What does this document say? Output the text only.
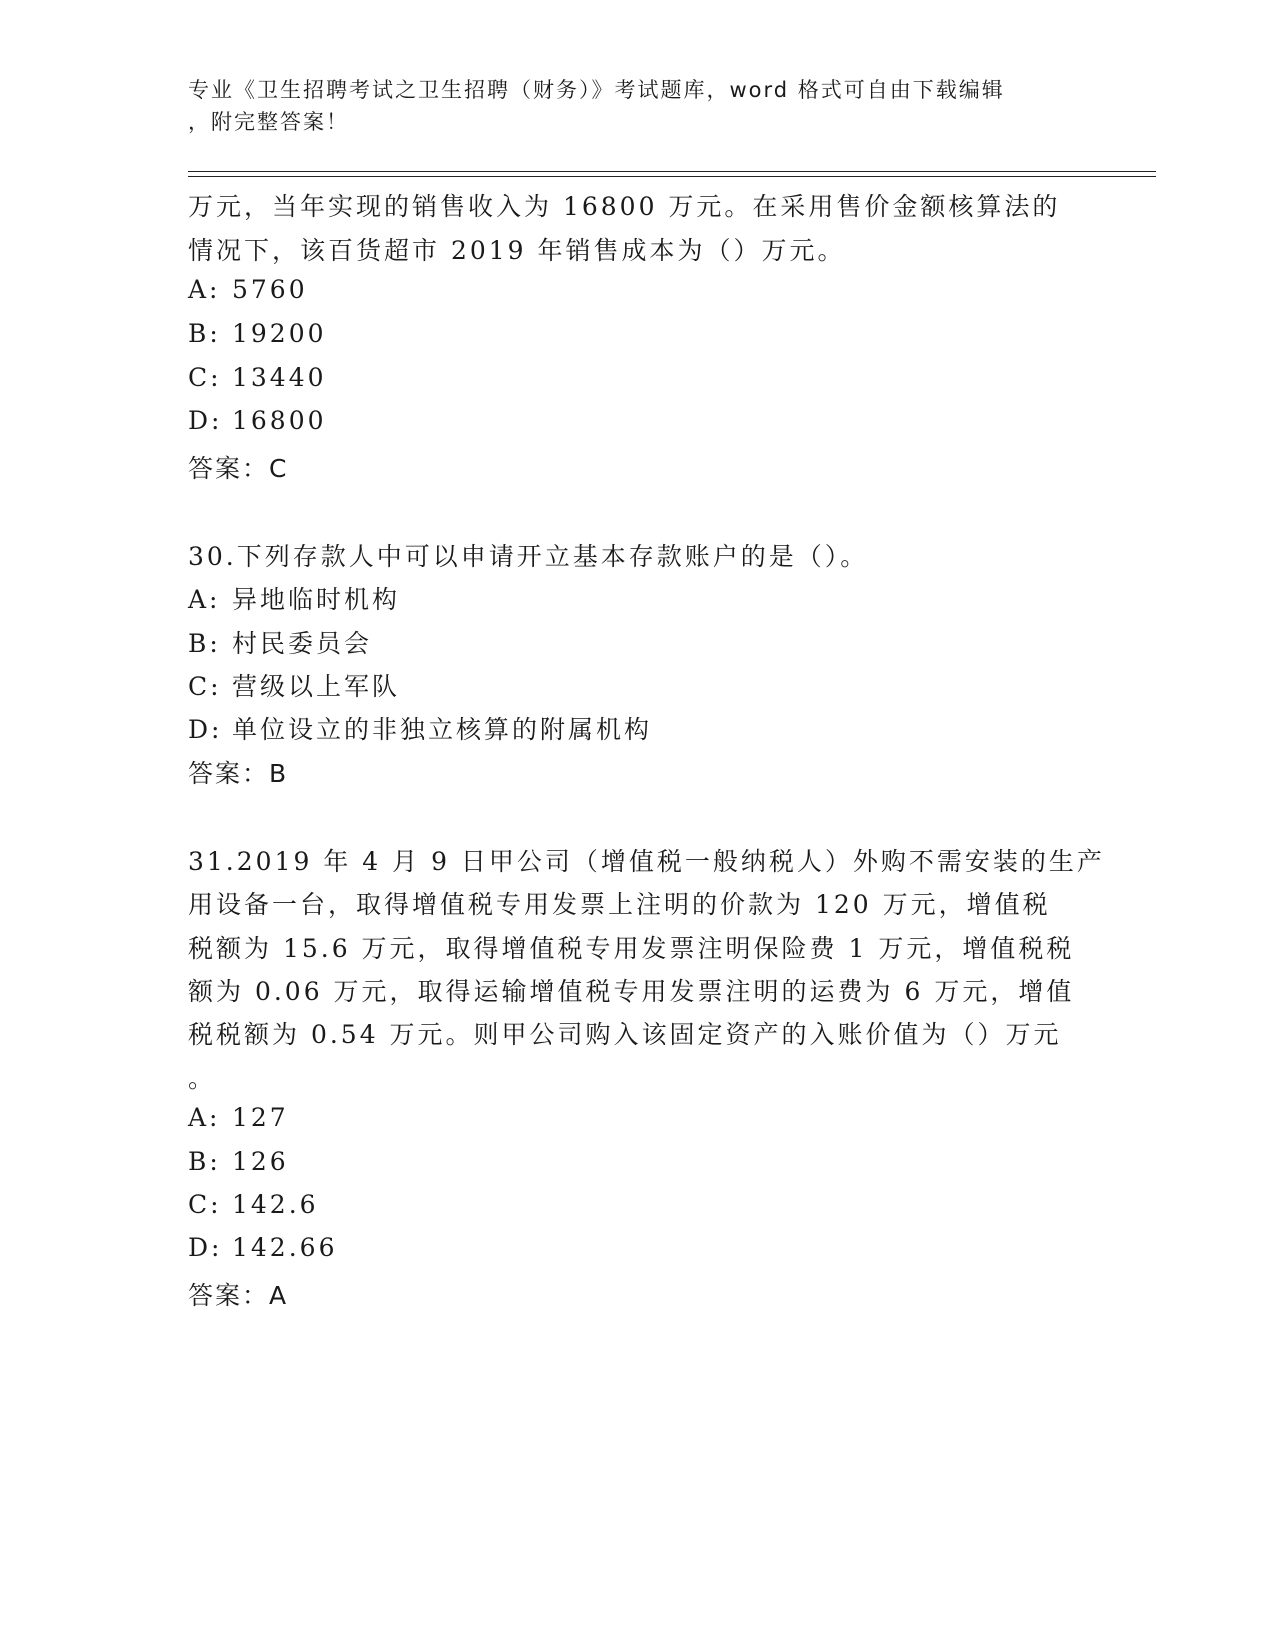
专业《卫生招聘考试之卫生招聘（财务）》考试题库，word 格式可自由下载编辑
，附完整答案！
万元，当年实现的销售收入为 16800 万元。在采用售价金额核算法的
情况下，该百货超市 2019 年销售成本为（）万元。
A: 5760
B: 19200
C: 13440
D: 16800
答案：C
30.下列存款人中可以申请开立基本存款账户的是（）。
A: 异地临时机构
B: 村民委员会
C: 营级以上军队
D: 单位设立的非独立核算的附属机构
答案：B
31.2019 年 4 月 9 日甲公司（增值税一般纳税人）外购不需安装的生产
用设备一台，取得增值税专用发票上注明的价款为 120 万元，增值税
税额为 15.6 万元，取得增值税专用发票注明保险费 1 万元，增值税税
额为 0.06 万元，取得运输增值税专用发票注明的运费为 6 万元，增值
税税额为 0.54 万元。则甲公司购入该固定资产的入账价值为（）万元
。
A: 127
B: 126
C: 142.6
D: 142.66
答案：A
